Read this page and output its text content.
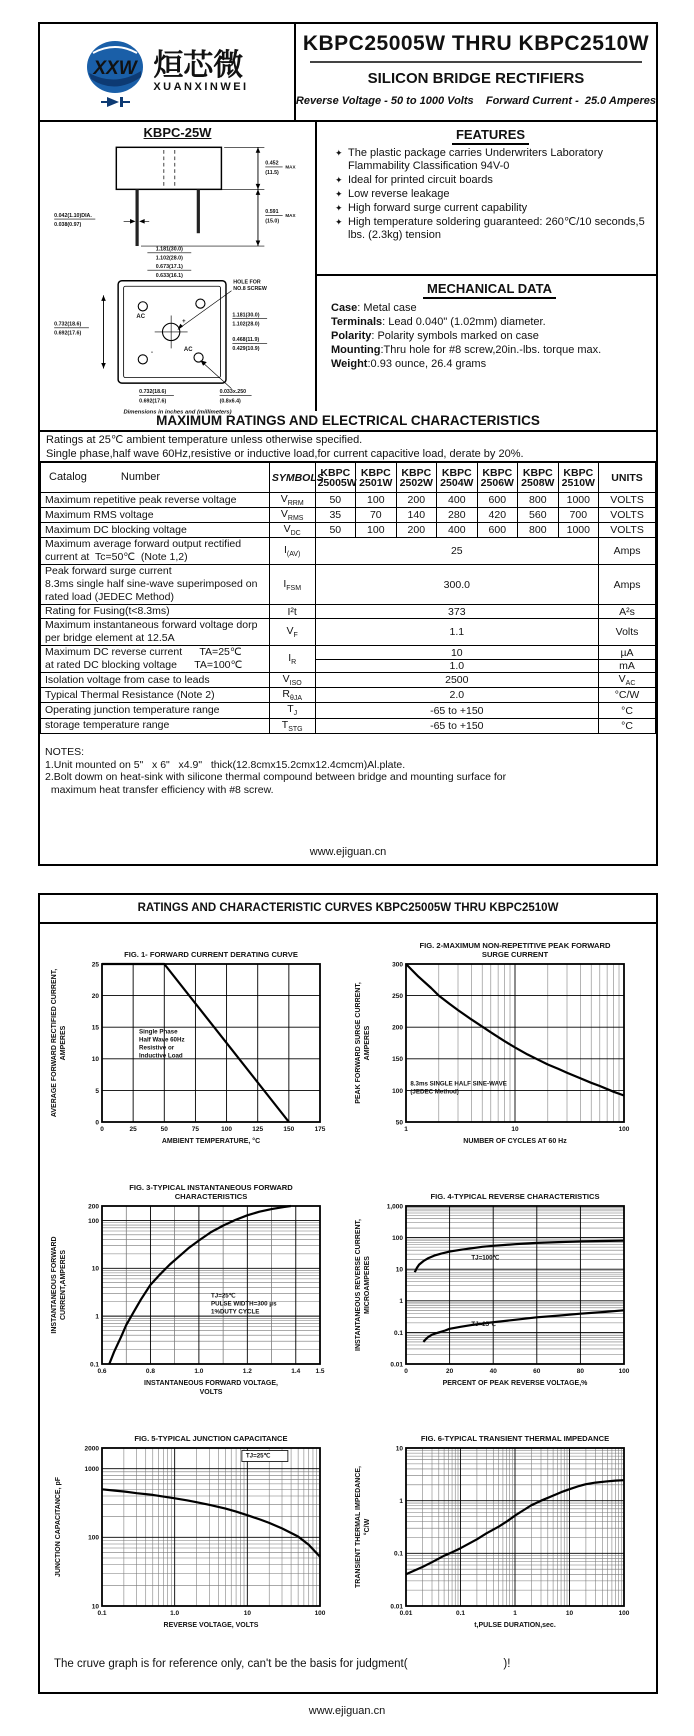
XXW 烜芯微
XUANXINWEI
KBPC25005W THRU KBPC2510W
SILICON BRIDGE RECTIFIERS
Reverse Voltage - 50 to 1000 Volts    Forward Current -  25.0 Amperes
KBPC-25W
0.452
(11.5)
MAX
0.591
(15.0)
MAX
0.042(1.10)DIA.
0.038(0.97)
1.181(30.0)
1.102(28.0)
0.673(17.1)
0.633(16.1)
AC
+
-	AC
HOLE FOR
NO.8 SCREW
0.732(18.6)
0.692(17.6)
1.181(30.0)
1.102(28.0)
0.468(11.9)
0.429(10.9)
0.732(18.6)
0.692(17.6)
0.033x.250
(0.8x6.4)
Dimensions in inches and (millimeters)
FEATURES
✦ The plastic package carries Underwriters Laboratory Flammability Classification 94V-0
✦ Ideal for printed circuit boards
✦ Low reverse leakage
✦ High forward surge current capability
✦ High temperature soldering guaranteed: 260℃/10 seconds,5 lbs. (2.3kg) tension
MECHANICAL DATA
Case: Metal case
Terminals: Lead 0.040" (1.02mm) diameter.
Polarity: Polarity symbols marked on case
Mounting:Thru hole for #8 screw,20in.-lbs. torque max.
Weight:0.93 ounce, 26.4 grams
MAXIMUM RATINGS AND ELECTRICAL CHARACTERISTICS
Ratings at 25℃ ambient temperature unless otherwise specified.
Single phase,half wave 60Hz,resistive or inductive load,for current capacitive load, derate by 20%.
Catalog Number	SYMBOLS	KBPC
25005W	KBPC
2501W	KBPC
2502W	KBPC
2504W	KBPC
2506W	KBPC
2508W	KBPC
2510W	UNITS

Maximum repetitive peak reverse voltage	$V_{RRM}$	50	100	200	400	600	800	1000	VOLTS

Maximum RMS voltage	$V_{RMS}$	35	70	140	280	420	560	700	VOLTS

Maximum DC blocking voltage	$V_{DC}$	50	100	200	400	600	800	1000	VOLTS

Maximum average forward output rectified
current at  Tc=50℃  (Note 1,2)	$I_{(AV)}$	25							Amps

Peak forward surge current
8.3ms single half sine-wave superimposed on
rated load (JEDEC Method)	$I_{FSM}$	300.0							Amps

Rating for Fusing(t<8.3ms)	I²t	373							A²s

Maximum instantaneous forward voltage dorp
per bridge element at 12.5A	$V_F$	1.1							Volts

Maximum DC reverse current      TA=25℃
at rated DC blocking voltage      TA=100℃	$I_R$	10							µA
		1.0							mA

Isolation voltage from case to leads	$V_{ISO}$	2500							$V_{AC}$

Typical Thermal Resistance (Note 2)	$R_{\theta JA}$	2.0							°C/W

Operating junction temperature range	$T_J$	-65 to +150							°C

storage temperature range	$T_{STG}$	-65 to +150							°C
NOTES:
1.Unit mounted on 5"   x 6"   x4.9"   thick(12.8cmx15.2cmx12.4cmcm)Al.plate.
2.Bolt dowm on heat-sink with silicone thermal compound between bridge and mounting surface for
maximum heat transfer efficiency with #8 screw.
www.ejiguan.cn
RATINGS AND CHARACTERISTIC CURVES KBPC25005W THRU KBPC2510W
0	25	50	75	100	125	150	175
0
5
10
15
20
25
FIG. 1- FORWARD CURRENT DERATING CURVE
AMBIENT TEMPERATURE, °C
AVERAGE FORWARD RECTIFIED CURRENT, AMPERES	Single Phase
Half Wave 60Hz
Resistive or
Inductive Load
1	10	100
50
100
150
200
250
300
FIG. 2-MAXIMUM NON-REPETITIVE PEAK FORWARD
SURGE CURRENT
NUMBER OF CYCLES AT 60 Hz
PEAK FORWARD SURGE CURRENT, AMPERES
8.3ms SINGLE HALF SINE-WAVE
(JEDEC Method)
0.6	0.8	1.0	1.2	1.4 1.5
0.1
1
10
100
200
FIG. 3-TYPICAL INSTANTANEOUS FORWARD
CHARACTERISTICS
INSTANTANEOUS FORWARD VOLTAGE,
VOLTS
INSTANTANEOUS FORWARD CURRENT,AMPERES	TJ=25℃
PULSE WIDTH=300 μs
1%DUTY CYCLE
0	20	40	60	80	100
0.01
0.1
1
10
100
1,000
FIG. 4-TYPICAL REVERSE CHARACTERISTICS
PERCENT OF PEAK REVERSE VOLTAGE,%
INSTANTANEOUS REVERSE CURRENT, MICROAMPERES	TJ=100℃
TJ=25℃
0.1	1.0	10	100
10
100
1000
2000
FIG. 5-TYPICAL JUNCTION CAPACITANCE
REVERSE VOLTAGE, VOLTS
JUNCTION CAPACITANCE, pF
TJ=25℃
0.01	0.1	1	10	100
0.01
0.1
1
10
FIG. 6-TYPICAL TRANSIENT THERMAL IMPEDANCE
t,PULSE DURATION,sec.
TRANSIENT THERMAL IMPEDANCE, °C/W
The cruve graph is for reference only, can't be the basis for judgment(                              )!
www.ejiguan.cn
